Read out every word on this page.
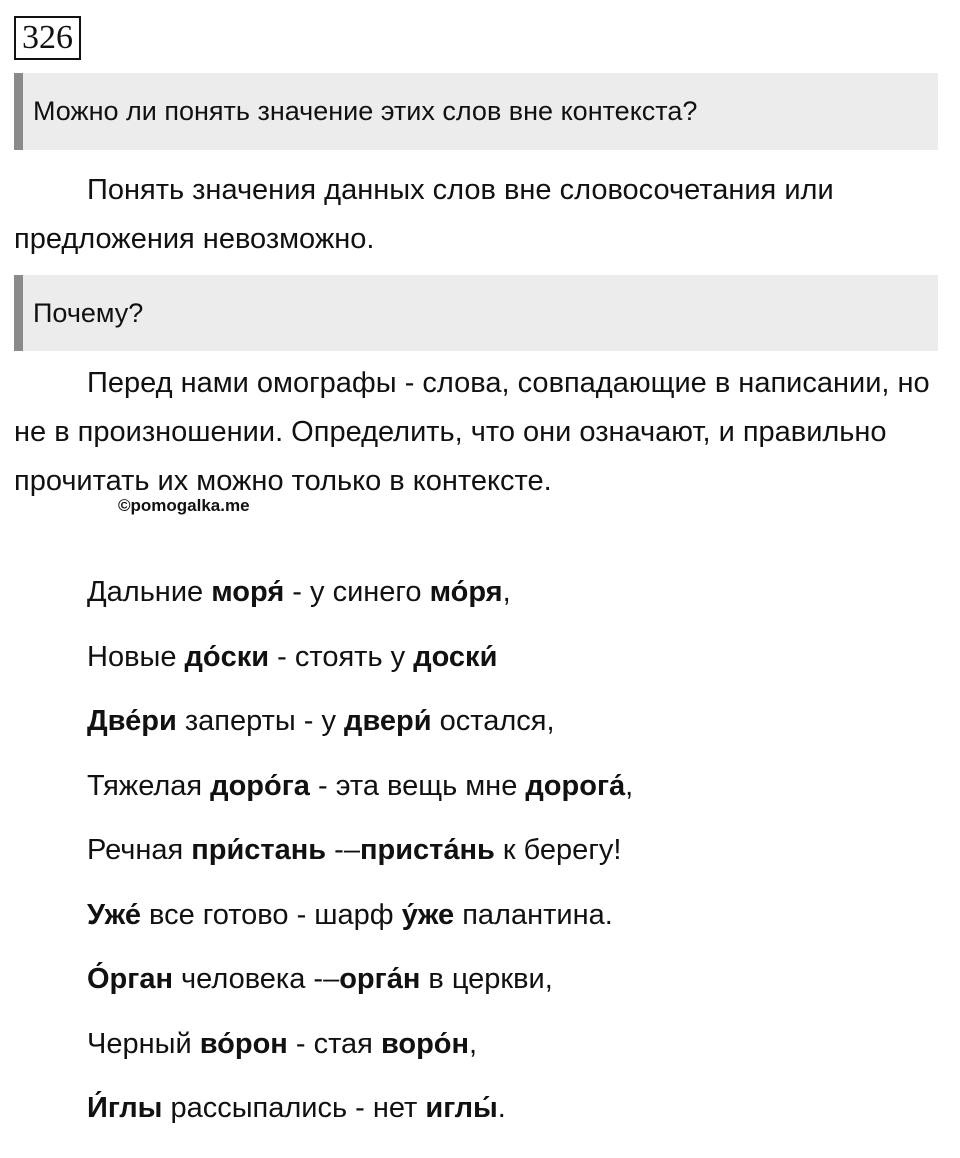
326
Можно ли понять значение этих слов вне контекста?

Понять значения данных слов вне словосочетания или предложения невозможно.

Почему?

Перед нами омографы - слова, совпадающие в написании, но не в произношении. Определить, что они означают, и правильно прочитать их можно только в контексте.

©pomogalka.me
Дальние моря́ - у синего мо́ря,
Новые до́ски - стоять у доски́
Две́ри заперты - у двери́ остался,
Тяжелая доро́га - эта вещь мне дорога́,
Речная при́стань -–приста́нь к берегу!
Уже́ все готово - шарф у́же палантина.
О́рган человека -–орга́н в церкви,
Черный во́рон - стая воро́н,
И́глы рассыпались - нет иглы́.
